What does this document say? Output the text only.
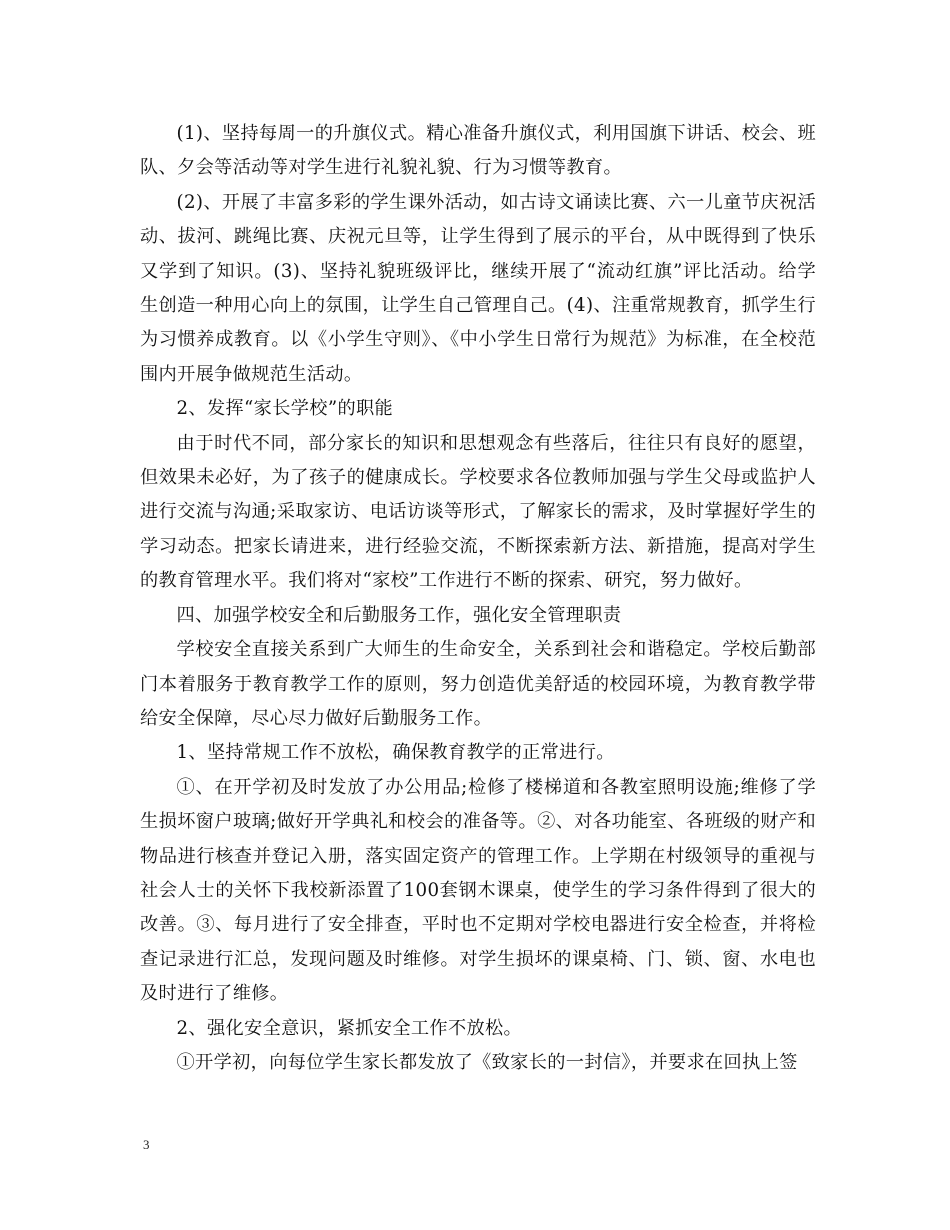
(1)、坚持每周一的升旗仪式。精心准备升旗仪式，利用国旗下讲话、校会、班队、夕会等活动等对学生进行礼貌礼貌、行为习惯等教育。

(2)、开展了丰富多彩的学生课外活动，如古诗文诵读比赛、六一儿童节庆祝活动、拔河、跳绳比赛、庆祝元旦等，让学生得到了展示的平台，从中既得到了快乐又学到了知识。(3)、坚持礼貌班级评比，继续开展了“流动红旗”评比活动。给学生创造一种用心向上的氛围，让学生自己管理自己。(4)、注重常规教育，抓学生行为习惯养成教育。以《小学生守则》、《中小学生日常行为规范》为标准，在全校范围内开展争做规范生活动。

2、发挥“家长学校”的职能

由于时代不同，部分家长的知识和思想观念有些落后，往往只有良好的愿望，但效果未必好，为了孩子的健康成长。学校要求各位教师加强与学生父母或监护人进行交流与沟通;采取家访、电话访谈等形式，了解家长的需求，及时掌握好学生的学习动态。把家长请进来，进行经验交流，不断探索新方法、新措施，提高对学生的教育管理水平。我们将对“家校”工作进行不断的探索、研究，努力做好。

四、加强学校安全和后勤服务工作，强化安全管理职责

学校安全直接关系到广大师生的生命安全，关系到社会和谐稳定。学校后勤部门本着服务于教育教学工作的原则，努力创造优美舒适的校园环境，为教育教学带给安全保障，尽心尽力做好后勤服务工作。

1、坚持常规工作不放松，确保教育教学的正常进行。

①、在开学初及时发放了办公用品;检修了楼梯道和各教室照明设施;维修了学生损坏窗户玻璃;做好开学典礼和校会的准备等。②、对各功能室、各班级的财产和物品进行核查并登记入册，落实固定资产的管理工作。上学期在村级领导的重视与社会人士的关怀下我校新添置了100套钢木课桌，使学生的学习条件得到了很大的改善。③、每月进行了安全排查，平时也不定期对学校电器进行安全检查，并将检查记录进行汇总，发现问题及时维修。对学生损坏的课桌椅、门、锁、窗、水电也及时进行了维修。

2、强化安全意识，紧抓安全工作不放松。

①开学初，向每位学生家长都发放了《致家长的一封信》，并要求在回执上签

3
